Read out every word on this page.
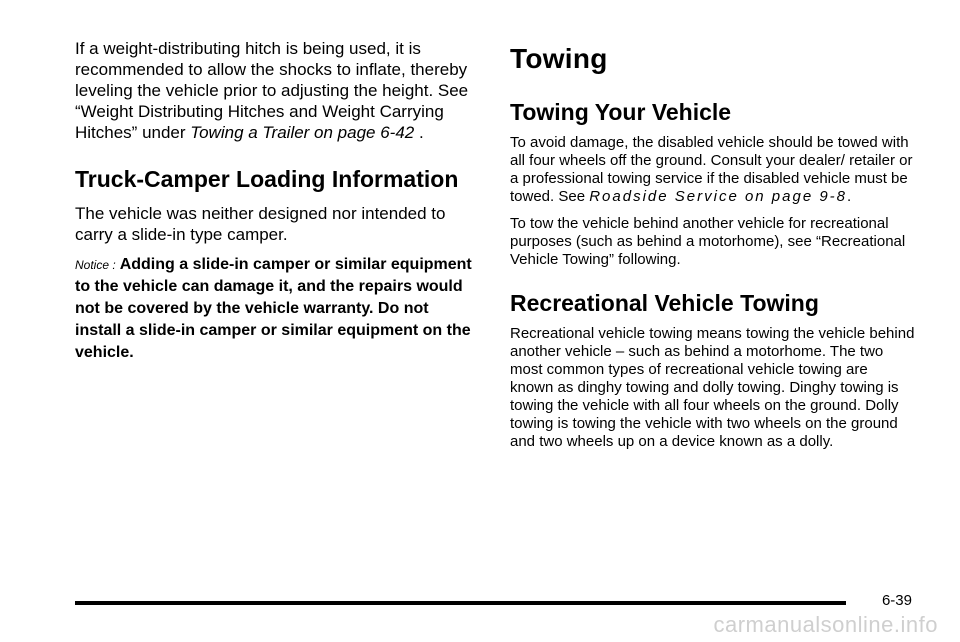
If a weight-distributing hitch is being used, it is recommended to allow the shocks to inflate, thereby leveling the vehicle prior to adjusting the height. See “Weight Distributing Hitches and Weight Carrying Hitches” under Towing a Trailer on page 6-42 .

Truck-Camper Loading Information

The vehicle was neither designed nor intended to carry a slide-in type camper.

Notice : Adding a slide-in camper or similar equipment to the vehicle can damage it, and the repairs would not be covered by the vehicle warranty. Do not install a slide-in camper or similar equipment on the vehicle.

Towing
Towing Your Vehicle

To avoid damage, the disabled vehicle should be towed with all four wheels off the ground. Consult your dealer/ retailer or a professional towing service if the disabled vehicle must be towed. See Roadside Service on page 9-8.

To tow the vehicle behind another vehicle for recreational purposes (such as behind a motorhome), see “Recreational Vehicle Towing” following.

Recreational Vehicle Towing

Recreational vehicle towing means towing the vehicle behind another vehicle – such as behind a motorhome. The two most common types of recreational vehicle towing are known as dinghy towing and dolly towing. Dinghy towing is towing the vehicle with all four wheels on the ground. Dolly towing is towing the vehicle with two wheels on the ground and two wheels up on a device known as a dolly.

6-39
carmanualsonline.info
